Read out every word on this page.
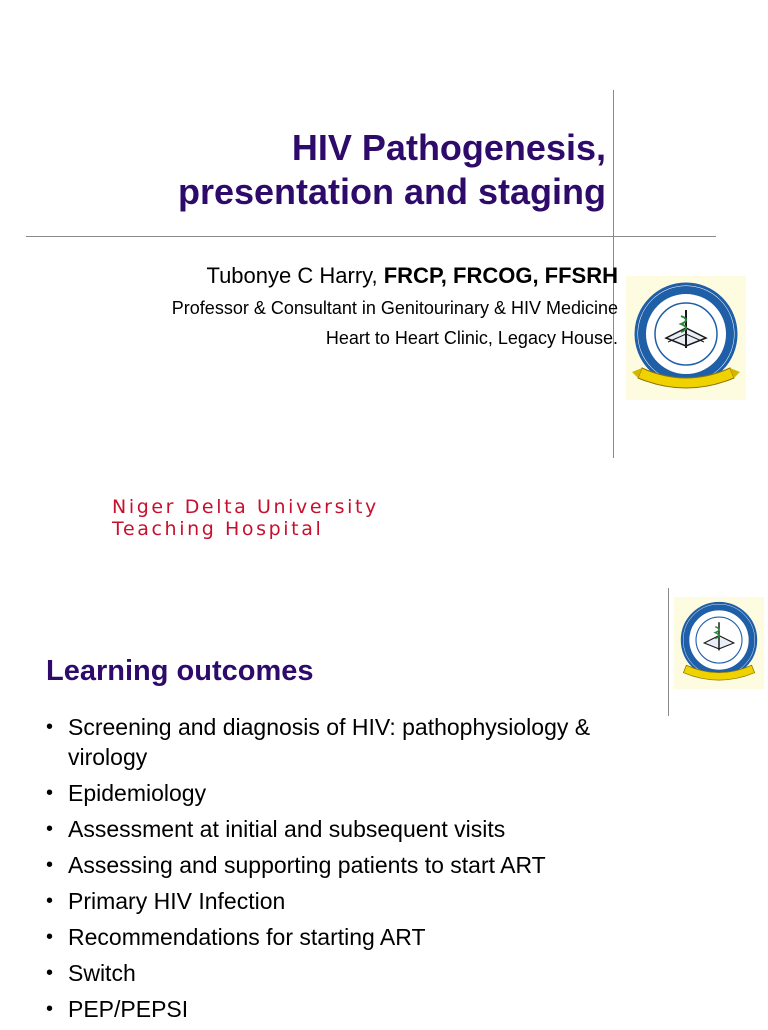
HIV Pathogenesis,
presentation and staging
Tubonye C Harry, FRCP, FRCOG, FFSRH
Professor & Consultant in Genitourinary & HIV Medicine
Heart to Heart Clinic, Legacy House.
Niger Delta University
Teaching Hospital
Learning outcomes
• Screening and diagnosis of HIV: pathophysiology & virology
• Epidemiology
• Assessment at initial and subsequent visits
• Assessing and supporting patients to start ART
• Primary HIV Infection
• Recommendations for starting ART
• Switch
• PEP/PEPSI
